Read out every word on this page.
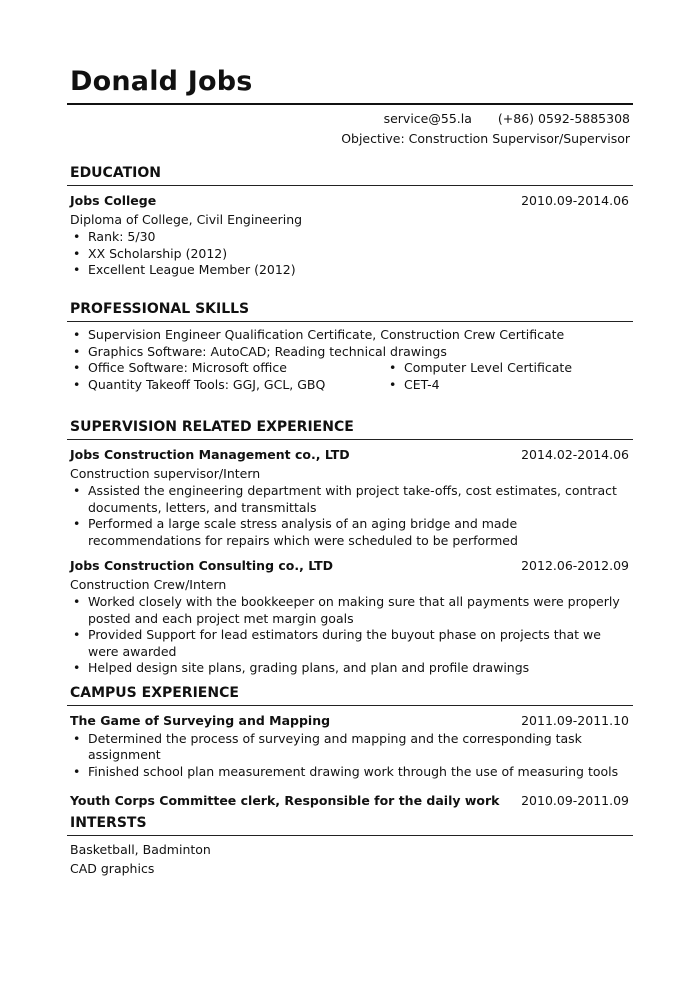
Donald Jobs
service@55.la (+86) 0592-5885308
Objective: Construction Supervisor/Supervisor
EDUCATION
Jobs College	2010.09-2014.06
Diploma of College, Civil Engineering
• Rank: 5/30
• XX Scholarship (2012)
• Excellent League Member (2012)
PROFESSIONAL SKILLS
• Supervision Engineer Qualification Certificate, Construction Crew Certificate
• Graphics Software: AutoCAD; Reading technical drawings
• Office Software: Microsoft office
• Quantity Takeoff Tools: GGJ, GCL, GBQ
• Computer Level Certificate
• CET-4
SUPERVISION RELATED EXPERIENCE
Jobs Construction Management co., LTD	2014.02-2014.06
Construction supervisor/Intern
• Assisted the engineering department with project take-offs, cost estimates, contract documents, letters, and transmittals
• Performed a large scale stress analysis of an aging bridge and made recommendations for repairs which were scheduled to be performed
Jobs Construction Consulting co., LTD	2012.06-2012.09
Construction Crew/Intern
• Worked closely with the bookkeeper on making sure that all payments were properly posted and each project met margin goals
• Provided Support for lead estimators during the buyout phase on projects that we were awarded
• Helped design site plans, grading plans, and plan and profile drawings
CAMPUS EXPERIENCE
The Game of Surveying and Mapping	2011.09-2011.10
• Determined the process of surveying and mapping and the corresponding task assignment
• Finished school plan measurement drawing work through the use of measuring tools
Youth Corps Committee clerk, Responsible for the daily work 2010.09-2011.09
INTERSTS
Basketball, Badminton
CAD graphics
